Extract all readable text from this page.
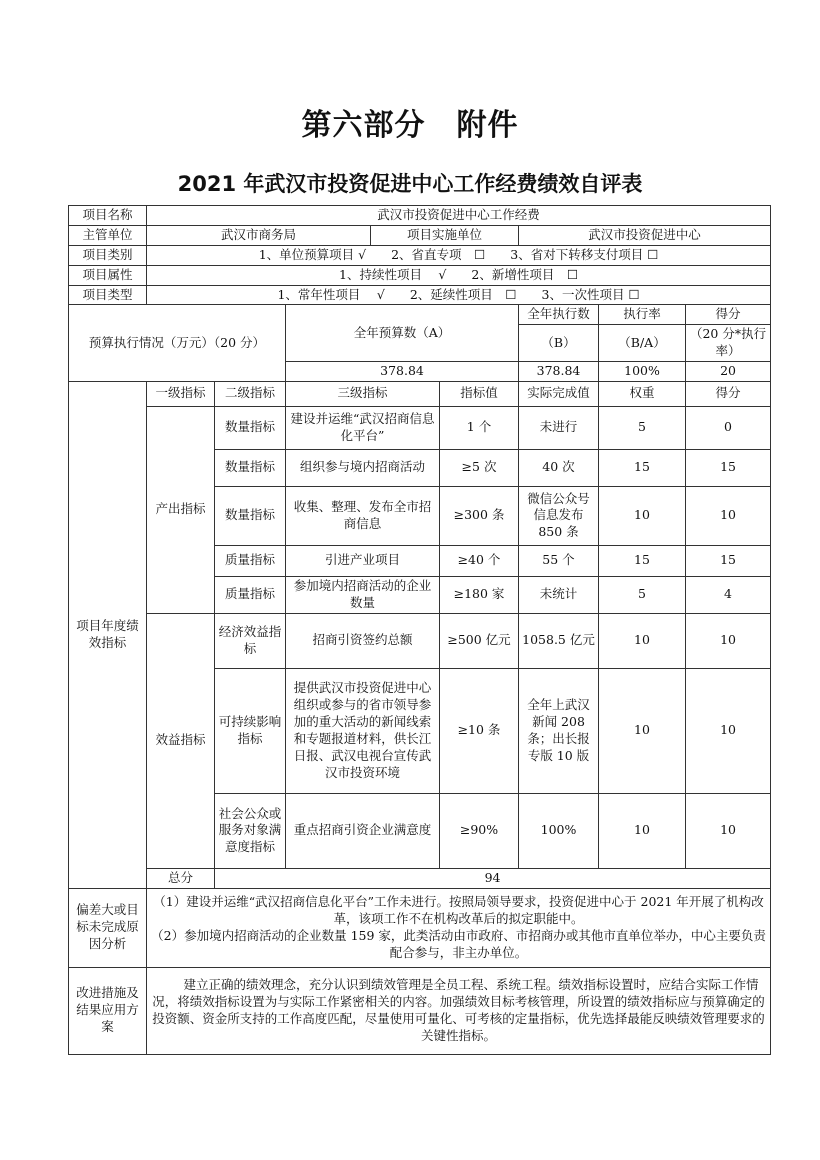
第六部分　附件
2021 年武汉市投资促进中心工作经费绩效自评表
项目名称	武汉市投资促进中心工作经费							
主管单位	武汉市商务局			项目实施单位		武汉市投资促进中心		
项目类别	1、单位预算项目 √　　2、省直专项　☐　　3、省对下转移支付项目 ☐							
项目属性	1、持续性项目　 √　　2、新增性项目　☐							
项目类型	1、常年性项目　 √　　2、延续性项目　☐　　3、一次性项目 ☐							
预算执行情况（万元）（20 分）			全年预算数（A）			全年执行数	执行率	得分
						（B）	（B/A）	（20 分*执行率）
			378.84			378.84	100%	20
项目年度绩效指标	一级指标	二级指标	三级指标		指标值	实际完成值	权重	得分
	产出指标	数量指标	建设并运维“武汉招商信息化平台”		1 个	未进行	5	0
		数量指标	组织参与境内招商活动		≥5 次	40 次	15	15
		数量指标	收集、整理、发布全市招商信息		≥300 条	微信公众号信息发布 850 条	10	10
		质量指标	引进产业项目		≥40 个	55 个	15	15
		质量指标	参加境内招商活动的企业数量		≥180 家	未统计	5	4
	效益指标	经济效益指标	招商引资签约总额		≥500 亿元	1058.5 亿元	10	10
		可持续影响指标	提供武汉市投资促进中心组织或参与的省市领导参加的重大活动的新闻线索和专题报道材料，供长江日报、武汉电视台宣传武汉市投资环境		≥10 条	全年上武汉新闻 208 条；出长报专版 10 版	10	10
		社会公众或服务对象满意度指标	重点招商引资企业满意度		≥90%	100%	10	10
	总分	94						
偏差大或目标未完成原因分析	（1）建设并运维“武汉招商信息化平台”工作未进行。按照局领导要求，投资促进中心于 2021 年开展了机构改革，该项工作不在机构改革后的拟定职能中。
（2）参加境内招商活动的企业数量 159 家，此类活动由市政府、市招商办或其他市直单位举办，中心主要负责配合参与，非主办单位。							

改进措施及结果应用方案	建立正确的绩效理念，充分认识到绩效管理是全员工程、系统工程。绩效指标设置时，应结合实际工作情况，将绩效指标设置为与实际工作紧密相关的内容。加强绩效目标考核管理，所设置的绩效指标应与预算确定的投资额、资金所支持的工作高度匹配，尽量使用可量化、可考核的定量指标，优先选择最能反映绩效管理要求的关键性指标。							
